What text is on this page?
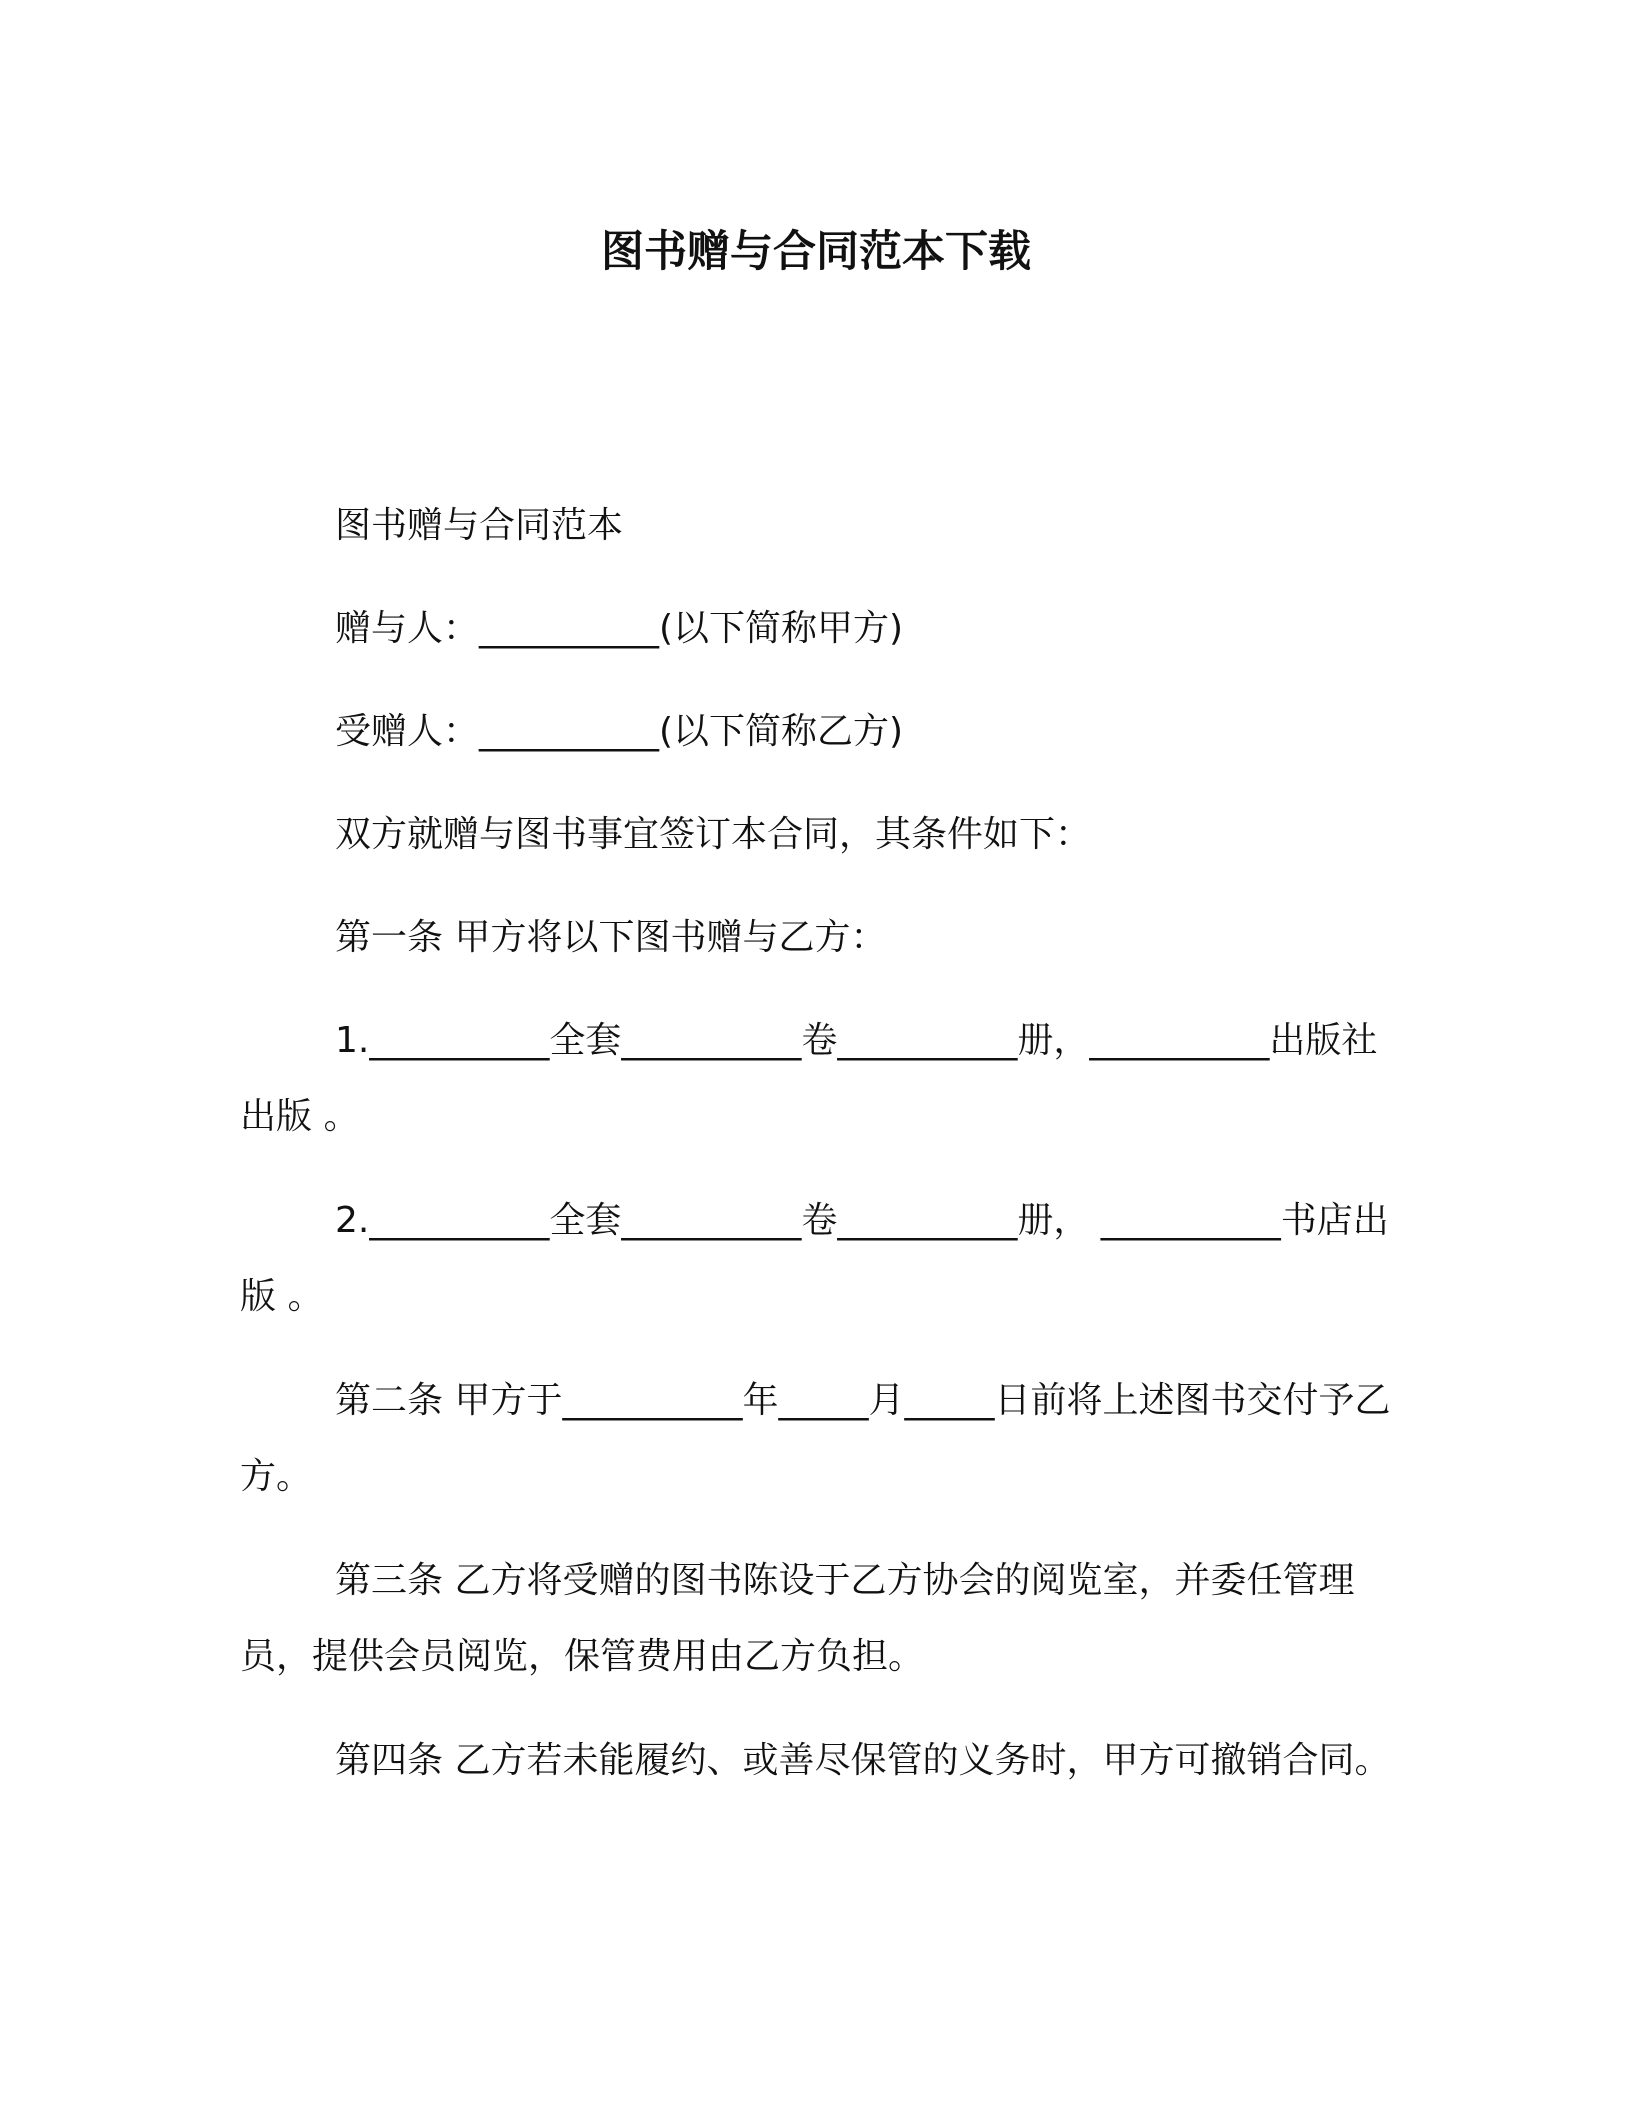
图书赠与合同范本下载

图书赠与合同范本

赠与人：__________(以下简称甲方)

受赠人：__________(以下简称乙方)

双方就赠与图书事宜签订本合同，其条件如下：

第一条 甲方将以下图书赠与乙方：

1.__________全套__________卷__________册，__________出版社出版 。

2.__________全套__________卷__________册， __________书店出版 。

第二条 甲方于__________年_____月_____日前将上述图书交付予乙方。

第三条 乙方将受赠的图书陈设于乙方协会的阅览室，并委任管理员，提供会员阅览，保管费用由乙方负担。

第四条 乙方若未能履约、或善尽保管的义务时，甲方可撤销合同。
